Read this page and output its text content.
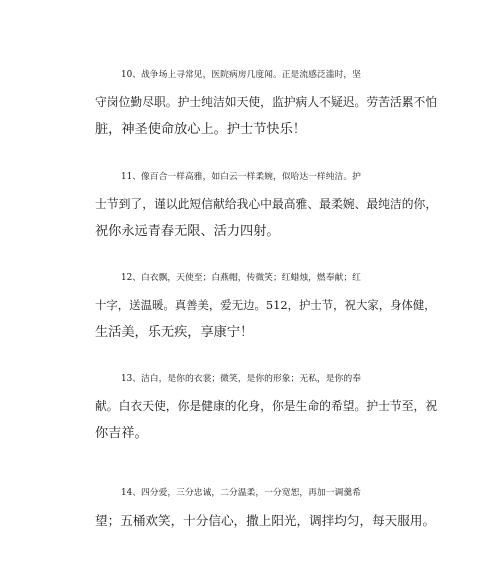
10、战争场上寻常见，医院病房几度闻。正是流感泛滥时，坚
守岗位勤尽职。护士纯洁如天使，监护病人不疑迟。劳苦活累不怕
脏，神圣使命放心上。护士节快乐！

11、像百合一样高雅，如白云一样柔婉，似哈达一样纯洁。护
士节到了，谨以此短信献给我心中最高雅、最柔婉、最纯洁的你，
祝你永远青春无限、活力四射。

12、白衣飘，天使至；白燕帽，传微笑；红蜡烛，燃奉献；红
十字，送温暖。真善美，爱无边。512，护士节，祝大家，身体健，
生活美，乐无疾，享康宁！

13、洁白，是你的衣裳；微笑，是你的形象；无私，是你的奉
献。白衣天使，你是健康的化身，你是生命的希望。护士节至，祝
你吉祥。

14、四分爱，三分忠诚，二分温柔，一分宽恕，再加一调羹希
望；五桶欢笑，十分信心，撒上阳光，调拌均匀，每天服用。
